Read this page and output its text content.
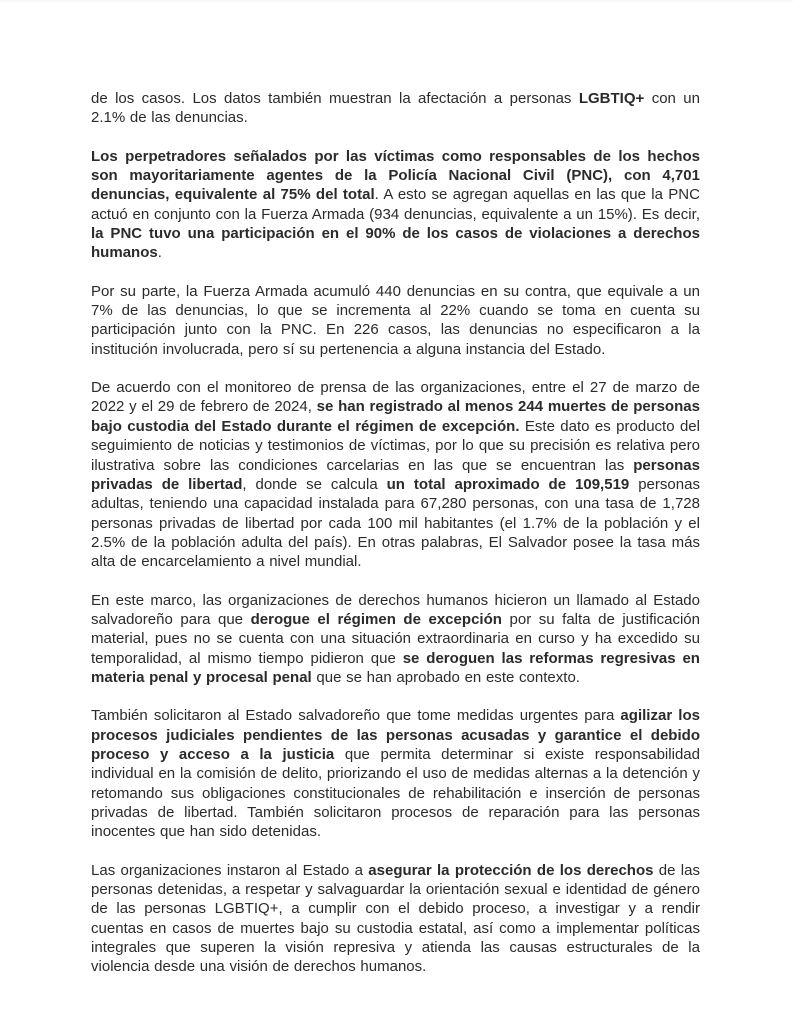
de los casos. Los datos también muestran la afectación a personas LGBTIQ+ con un 2.1% de las denuncias.

Los perpetradores señalados por las víctimas como responsables de los hechos son mayoritariamente agentes de la Policía Nacional Civil (PNC), con 4,701 denuncias, equivalente al 75% del total. A esto se agregan aquellas en las que la PNC actuó en conjunto con la Fuerza Armada (934 denuncias, equivalente a un 15%). Es decir, la PNC tuvo una participación en el 90% de los casos de violaciones a derechos humanos.

Por su parte, la Fuerza Armada acumuló 440 denuncias en su contra, que equivale a un 7% de las denuncias, lo que se incrementa al 22% cuando se toma en cuenta su participación junto con la PNC. En 226 casos, las denuncias no especificaron a la institución involucrada, pero sí su pertenencia a alguna instancia del Estado.

De acuerdo con el monitoreo de prensa de las organizaciones, entre el 27 de marzo de 2022 y el 29 de febrero de 2024, se han registrado al menos 244 muertes de personas bajo custodia del Estado durante el régimen de excepción. Este dato es producto del seguimiento de noticias y testimonios de víctimas, por lo que su precisión es relativa pero ilustrativa sobre las condiciones carcelarias en las que se encuentran las personas privadas de libertad, donde se calcula un total aproximado de 109,519 personas adultas, teniendo una capacidad instalada para 67,280 personas, con una tasa de 1,728 personas privadas de libertad por cada 100 mil habitantes (el 1.7% de la población y el 2.5% de la población adulta del país). En otras palabras, El Salvador posee la tasa más alta de encarcelamiento a nivel mundial.

En este marco, las organizaciones de derechos humanos hicieron un llamado al Estado salvadoreño para que derogue el régimen de excepción por su falta de justificación material, pues no se cuenta con una situación extraordinaria en curso y ha excedido su temporalidad, al mismo tiempo pidieron que se deroguen las reformas regresivas en materia penal y procesal penal que se han aprobado en este contexto.

También solicitaron al Estado salvadoreño que tome medidas urgentes para agilizar los procesos judiciales pendientes de las personas acusadas y garantice el debido proceso y acceso a la justicia que permita determinar si existe responsabilidad individual en la comisión de delito, priorizando el uso de medidas alternas a la detención y retomando sus obligaciones constitucionales de rehabilitación e inserción de personas privadas de libertad. También solicitaron procesos de reparación para las personas inocentes que han sido detenidas.

Las organizaciones instaron al Estado a asegurar la protección de los derechos de las personas detenidas, a respetar y salvaguardar la orientación sexual e identidad de género de las personas LGBTIQ+, a cumplir con el debido proceso, a investigar y a rendir cuentas en casos de muertes bajo su custodia estatal, así como a implementar políticas integrales que superen la visión represiva y atienda las causas estructurales de la violencia desde una visión de derechos humanos.
